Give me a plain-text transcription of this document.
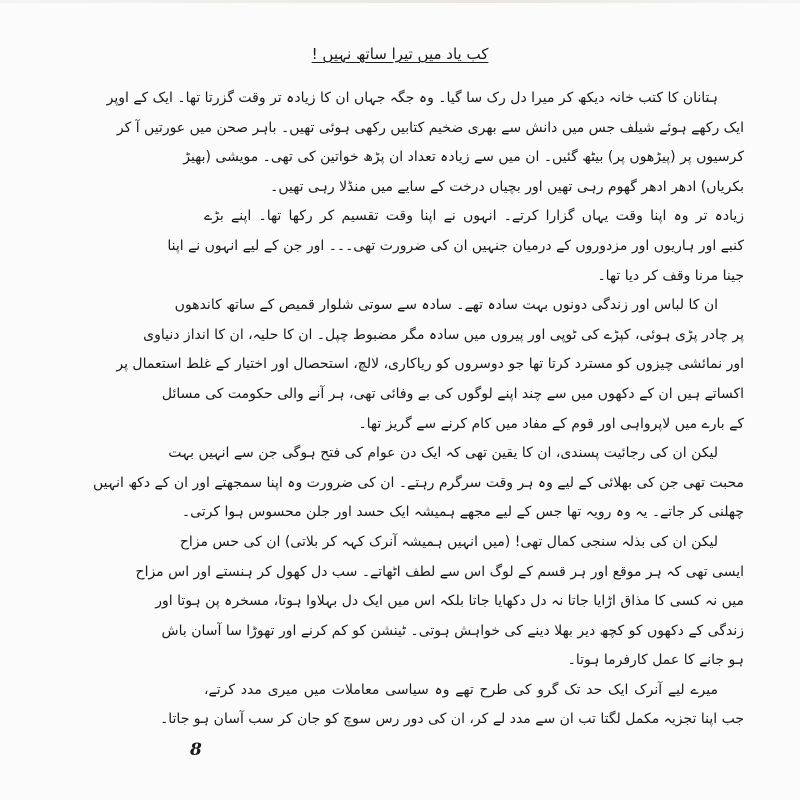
کب یاد میں تیرا ساتھ نہیں !
ہتانان کا کتب خانہ دیکھ کر میرا دل رک سا گیا۔ وہ جگہ جہاں ان کا زیادہ تر وقت گزرتا تھا۔ ایک کے اوپر
ایک رکھے ہوئے شیلف جس میں دانش سے بھری ضخیم کتابیں رکھی ہوئی تھیں۔ باہر صحن میں عورتیں آ کر
کرسیوں پر (پیڑھوں پر) بیٹھ گئیں۔ ان میں سے زیادہ تعداد ان پڑھ خواتین کی تھی۔ مویشی (بھیڑ
بکریاں) ادھر ادھر گھوم رہی تھیں اور بچیاں درخت کے سایے میں منڈلا رہی تھیں۔
زیادہ تر وہ اپنا وقت یہاں گزارا کرتے۔ انہوں نے اپنا وقت تقسیم کر رکھا تھا۔ اپنے بڑے
کنبے اور ہاریوں اور مزدوروں کے درمیان جنہیں ان کی ضرورت تھی۔۔۔ اور جن کے لیے انہوں نے اپنا
جینا مرنا وقف کر دیا تھا۔
ان کا لباس اور زندگی دونوں بہت سادہ تھے۔ سادہ سے سوتی شلوار قمیص کے ساتھ کاندھوں
پر چادر پڑی ہوئی، کپڑے کی ٹوپی اور پیروں میں سادہ مگر مضبوط چپل۔ ان کا حلیہ، ان کا انداز دنیاوی
اور نمائشی چیزوں کو مسترد کرتا تھا جو دوسروں کو ریاکاری، لالچ، استحصال اور اختیار کے غلط استعمال پر
اکساتے ہیں ان کے دکھوں میں سے چند اپنے لوگوں کی بے وفائی تھی، ہر آنے والی حکومت کی مسائل
کے بارے میں لاپرواہی اور قوم کے مفاد میں کام کرنے سے گریز تھا۔
لیکن ان کی رجائیت پسندی، ان کا یقین تھی کہ ایک دن عوام کی فتح ہوگی جن سے انہیں بہت
محبت تھی جن کی بھلائی کے لیے وہ ہر وقت سرگرم رہتے۔ ان کی ضرورت وہ اپنا سمجھتے اور ان کے دکھ انہیں
چھلنی کر جاتے۔ یہ وہ رویہ تھا جس کے لیے مجھے ہمیشہ ایک حسد اور جلن محسوس ہوا کرتی۔
لیکن ان کی بذلہ سنجی کمال تھی! (میں انہیں ہمیشہ آنرک کہہ کر بلاتی) ان کی حس مزاح
ایسی تھی کہ ہر موقع اور ہر قسم کے لوگ اس سے لطف اٹھاتے۔ سب دل کھول کر ہنستے اور اس مزاح
میں نہ کسی کا مذاق اڑایا جاتا نہ دل دکھایا جاتا بلکہ اس میں ایک دل بہلاوا ہوتا، مسخرہ پن ہوتا اور
زندگی کے دکھوں کو کچھ دیر بھلا دینے کی خواہش ہوتی۔ ٹینشن کو کم کرنے اور تھوڑا سا آسان باش
ہو جانے کا عمل کارفرما ہوتا۔
میرے لیے آنرک ایک حد تک گرو کی طرح تھے وہ سیاسی معاملات میں میری مدد کرتے،
جب اپنا تجزیہ مکمل لگتا تب ان سے مدد لے کر، ان کی دور رس سوچ کو جان کر سب آسان ہو جاتا۔
8
